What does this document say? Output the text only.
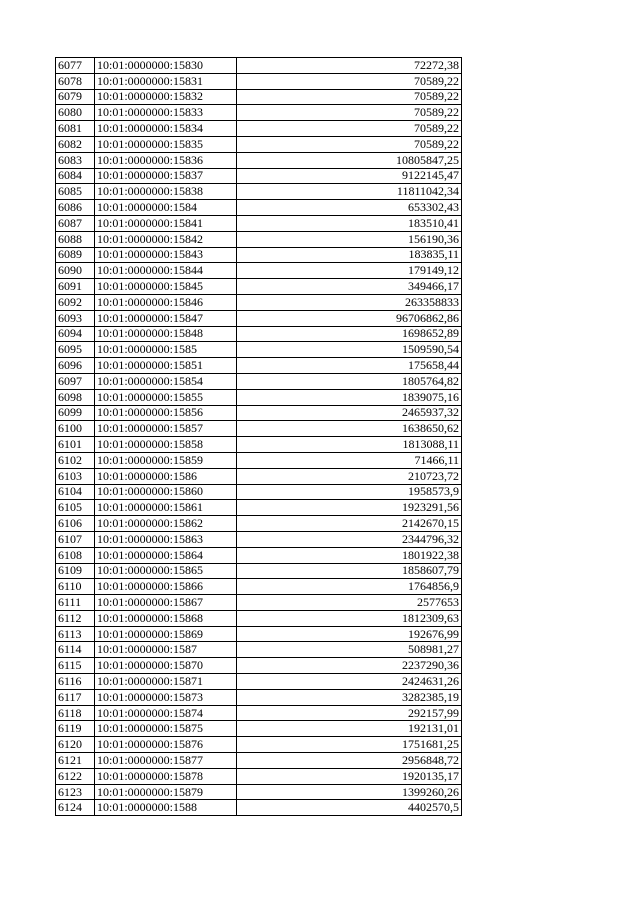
6077	10:01:0000000:15830	72272,38
6078	10:01:0000000:15831	70589,22
6079	10:01:0000000:15832	70589,22
6080	10:01:0000000:15833	70589,22
6081	10:01:0000000:15834	70589,22
6082	10:01:0000000:15835	70589,22
6083	10:01:0000000:15836	10805847,25
6084	10:01:0000000:15837	9122145,47
6085	10:01:0000000:15838	11811042,34
6086	10:01:0000000:1584	653302,43
6087	10:01:0000000:15841	183510,41
6088	10:01:0000000:15842	156190,36
6089	10:01:0000000:15843	183835,11
6090	10:01:0000000:15844	179149,12
6091	10:01:0000000:15845	349466,17
6092	10:01:0000000:15846	263358833
6093	10:01:0000000:15847	96706862,86
6094	10:01:0000000:15848	1698652,89
6095	10:01:0000000:1585	1509590,54
6096	10:01:0000000:15851	175658,44
6097	10:01:0000000:15854	1805764,82
6098	10:01:0000000:15855	1839075,16
6099	10:01:0000000:15856	2465937,32
6100	10:01:0000000:15857	1638650,62
6101	10:01:0000000:15858	1813088,11
6102	10:01:0000000:15859	71466,11
6103	10:01:0000000:1586	210723,72
6104	10:01:0000000:15860	1958573,9
6105	10:01:0000000:15861	1923291,56
6106	10:01:0000000:15862	2142670,15
6107	10:01:0000000:15863	2344796,32
6108	10:01:0000000:15864	1801922,38
6109	10:01:0000000:15865	1858607,79
6110	10:01:0000000:15866	1764856,9
6111	10:01:0000000:15867	2577653
6112	10:01:0000000:15868	1812309,63
6113	10:01:0000000:15869	192676,99
6114	10:01:0000000:1587	508981,27
6115	10:01:0000000:15870	2237290,36
6116	10:01:0000000:15871	2424631,26
6117	10:01:0000000:15873	3282385,19
6118	10:01:0000000:15874	292157,99
6119	10:01:0000000:15875	192131,01
6120	10:01:0000000:15876	1751681,25
6121	10:01:0000000:15877	2956848,72
6122	10:01:0000000:15878	1920135,17
6123	10:01:0000000:15879	1399260,26
6124	10:01:0000000:1588	4402570,5
